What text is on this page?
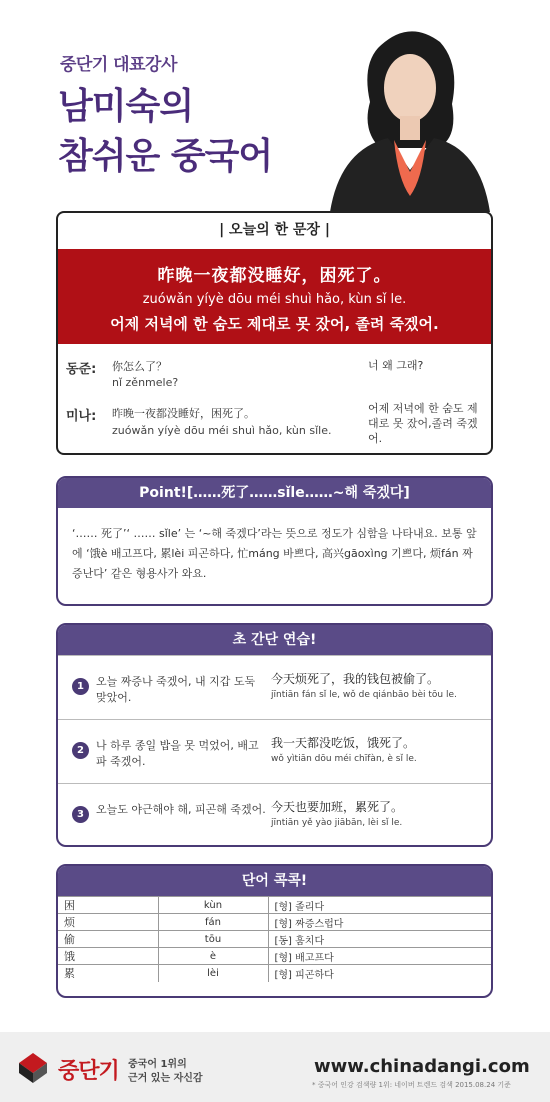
중단기 대표강사
남미숙의
참쉬운 중국어
| 오늘의 한 문장 |
昨晚一夜都没睡好，困死了。
zuówǎn yíyè dōu méi shuì hǎo, kùn sǐ le.
어제 저녁에 한 숨도 제대로 못 잤어, 졸려 죽겠어.
동준: 你怎么了？
nǐ zěnmele?
너 왜 그래?
미나: 昨晚一夜都没睡好，困死了。
zuówǎn yíyè dōu méi shuì hǎo, kùn sǐle.
어제 저녁에 한 숨도 제대로 못 잤어,졸려 죽겠어.
Point![……死了……sǐle……~해 죽겠다]
‘…… 死了’‘ …… sǐle’ 는 ‘~해 죽겠다’라는 뜻으로 정도가 심함을 나타내요. 보통 앞에 ‘饿è 배고프다, 累lèi 피곤하다, 忙máng 바쁘다, 高兴gāoxìng 기쁘다, 烦fán 짜증난다’ 같은 형용사가 와요.
초 간단 연습!
1	오늘 짜증나 죽겠어, 내 지갑 도둑 맞았어.
今天烦死了，我的钱包被偷了。
jīntiān fán sǐ le, wǒ de qiánbāo bèi tōu le.
2	나 하루 종일 밥을 못 먹었어, 배고파 죽겠어.
我一天都没吃饭，饿死了。
wǒ yìtiān dōu méi chīfàn, è sǐ le.
3	오늘도 야근해야 해, 피곤해 죽겠어. 今天也要加班，累死了。
jīntiān yě yào jiābān, lèi sǐ le.
단어 콕콕!
困	kùn	[형] 졸리다
烦	fán	[형] 짜증스럽다
偷	tōu	[동] 훔치다
饿	è	[형] 배고프다
累	lèi	[형] 피곤하다
중단기 중국어 1위의
근거 있는 자신감
www.chinadangi.com
* 중국어 인강 검색량 1위: 네이버 트렌드 검색 2015.08.24 기준
